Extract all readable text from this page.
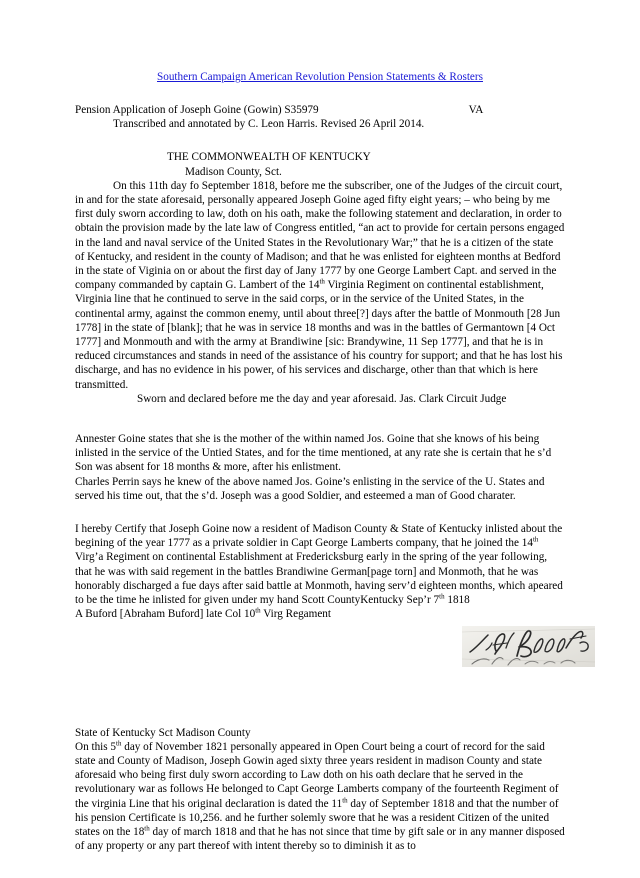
Southern Campaign American Revolution Pension Statements & Rosters
Pension Application of Joseph Goine (Gowin) S35979	VA
Transcribed and annotated by C. Leon Harris. Revised 26 April 2014.
THE COMMONWEALTH OF KENTUCKY
Madison County, Sct.

On this 11th day fo September 1818, before me the subscriber, one of the Judges of the circuit court, in and for the state aforesaid, personally appeared Joseph Goine aged fifty eight years; – who being by me first duly sworn according to law, doth on his oath, make the following statement and declaration, in order to obtain the provision made by the late law of Congress entitled, “an act to provide for certain persons engaged in the land and naval service of the United States in the Revolutionary War;” that he is a citizen of the state of Kentucky, and resident in the county of Madison; and that he was enlisted for eighteen months at Bedford in the state of Viginia on or about the first day of Jany 1777 by one George Lambert Capt. and served in the company commanded by captain G. Lambert of the 14th Virginia Regiment on continental establishment, Virginia line that he continued to serve in the said corps, or in the service of the United States, in the continental army, against the common enemy, until about three[?] days after the battle of Monmouth [28 Jun 1778] in the state of [blank]; that he was in service 18 months and was in the battles of Germantown [4 Oct 1777] and Monmouth and with the army at Brandiwine [sic: Brandywine, 11 Sep 1777], and that he is in reduced circumstances and stands in need of the assistance of his country for support; and that he has lost his discharge, and has no evidence in his power, of his services and discharge, other than that which is here transmitted.

Sworn and declared before me the day and year aforesaid. Jas. Clark Circuit Judge

Annester Goine states that she is the mother of the within named Jos. Goine that she knows of his being inlisted in the service of the Untied States, and for the time mentioned, at any rate she is certain that he s’d Son was absent for 18 months & more, after his enlistment.

Charles Perrin says he knew of the above named Jos. Goine’s enlisting in the service of the U. States and served his time out, that the s’d. Joseph was a good Soldier, and esteemed a man of Good charater.

I hereby Certify that Joseph Goine now a resident of Madison County & State of Kentucky inlisted about the begining of the year 1777 as a private soldier in Capt George Lamberts company, that he joined the 14th Virg’a Regiment on continental Establishment at Fredericksburg early in the spring of the year following, that he was with said regement in the battles Brandiwine German[page torn] and Monmoth, that he was honorably discharged a fue days after said battle at Monmoth, having serv’d eighteen months, which apeared to be the time he inlisted for given under my hand Scott CountyKentucky Sep’r 7th 1818

A Buford [Abraham Buford] late Col 10th Virg Regament

State of Kentucky Sct Madison County

On this 5th day of November 1821 personally appeared in Open Court being a court of record for the said state and County of Madison, Joseph Gowin aged sixty three years resident in madison County and state aforesaid who being first duly sworn according to Law doth on his oath declare that he served in the revolutionary war as follows He belonged to Capt George Lamberts company of the fourteenth Regiment of the virginia Line that his original declaration is dated the 11th day of September 1818 and that the number of his pension Certificate is 10,256. and he further solemly swore that he was a resident Citizen of the united states on the 18th day of march 1818 and that he has not since that time by gift sale or in any manner disposed of any property or any part thereof with intent thereby so to diminish it as to
